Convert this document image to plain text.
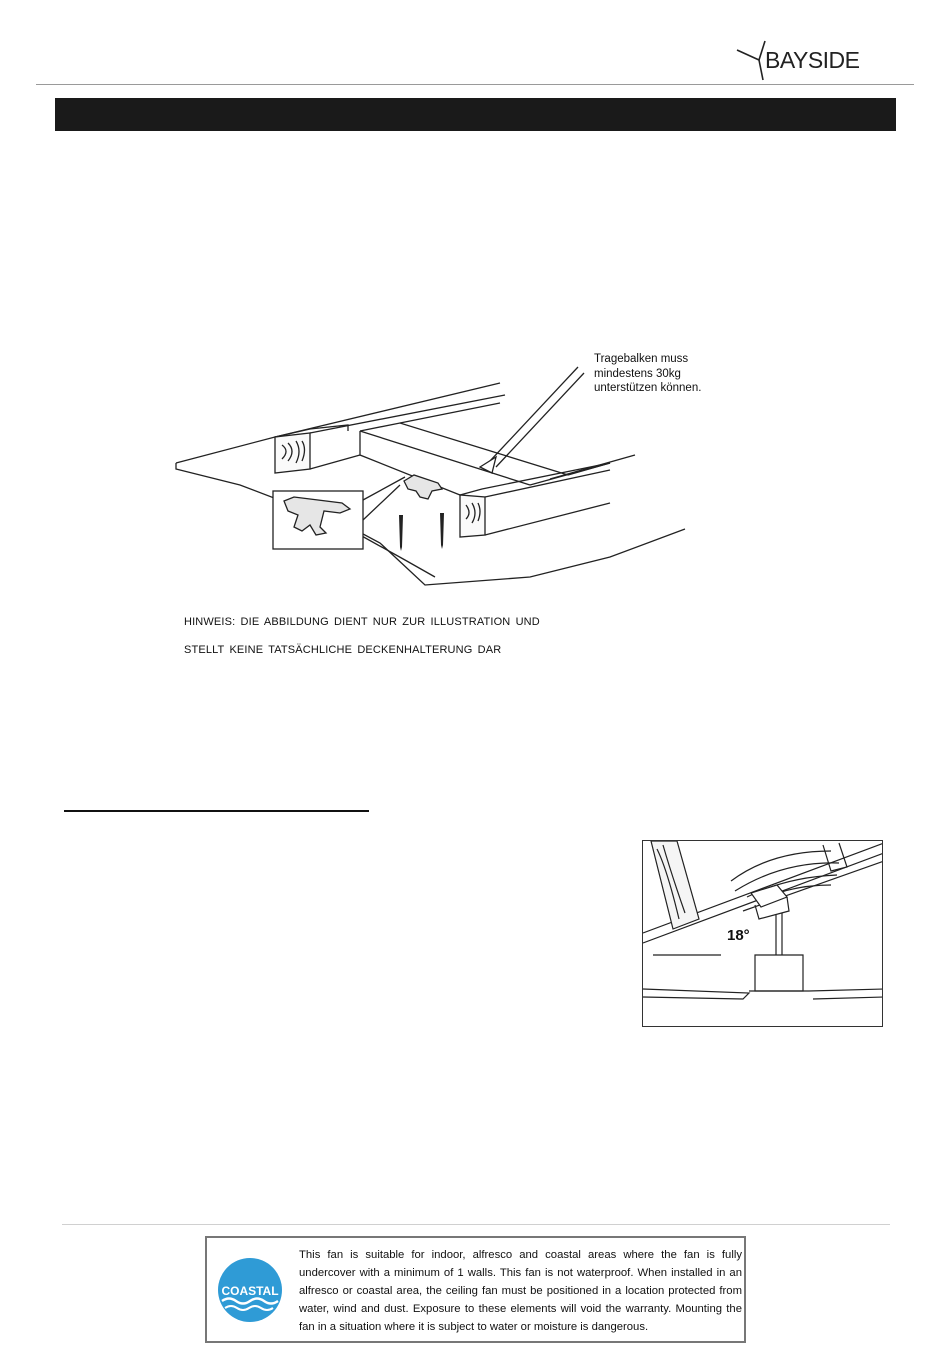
BAYSIDE
Tragebalken muss
mindestens 30kg
unterstützen können.
HINWEIS: DIE ABBILDUNG DIENT NUR ZUR ILLUSTRATION UND
STELLT KEINE TATSÄCHLICHE DECKENHALTERUNG DAR
18°
COASTAL
This fan is suitable for indoor, alfresco and coastal areas where the fan is fully undercover with a minimum of 1 walls. This fan is not waterproof. When installed in an alfresco or coastal area, the ceiling fan must be positioned in a location protected from water, wind and dust. Exposure to these elements will void the warranty. Mounting the fan in a situation where it is subject to water or moisture is dangerous.
